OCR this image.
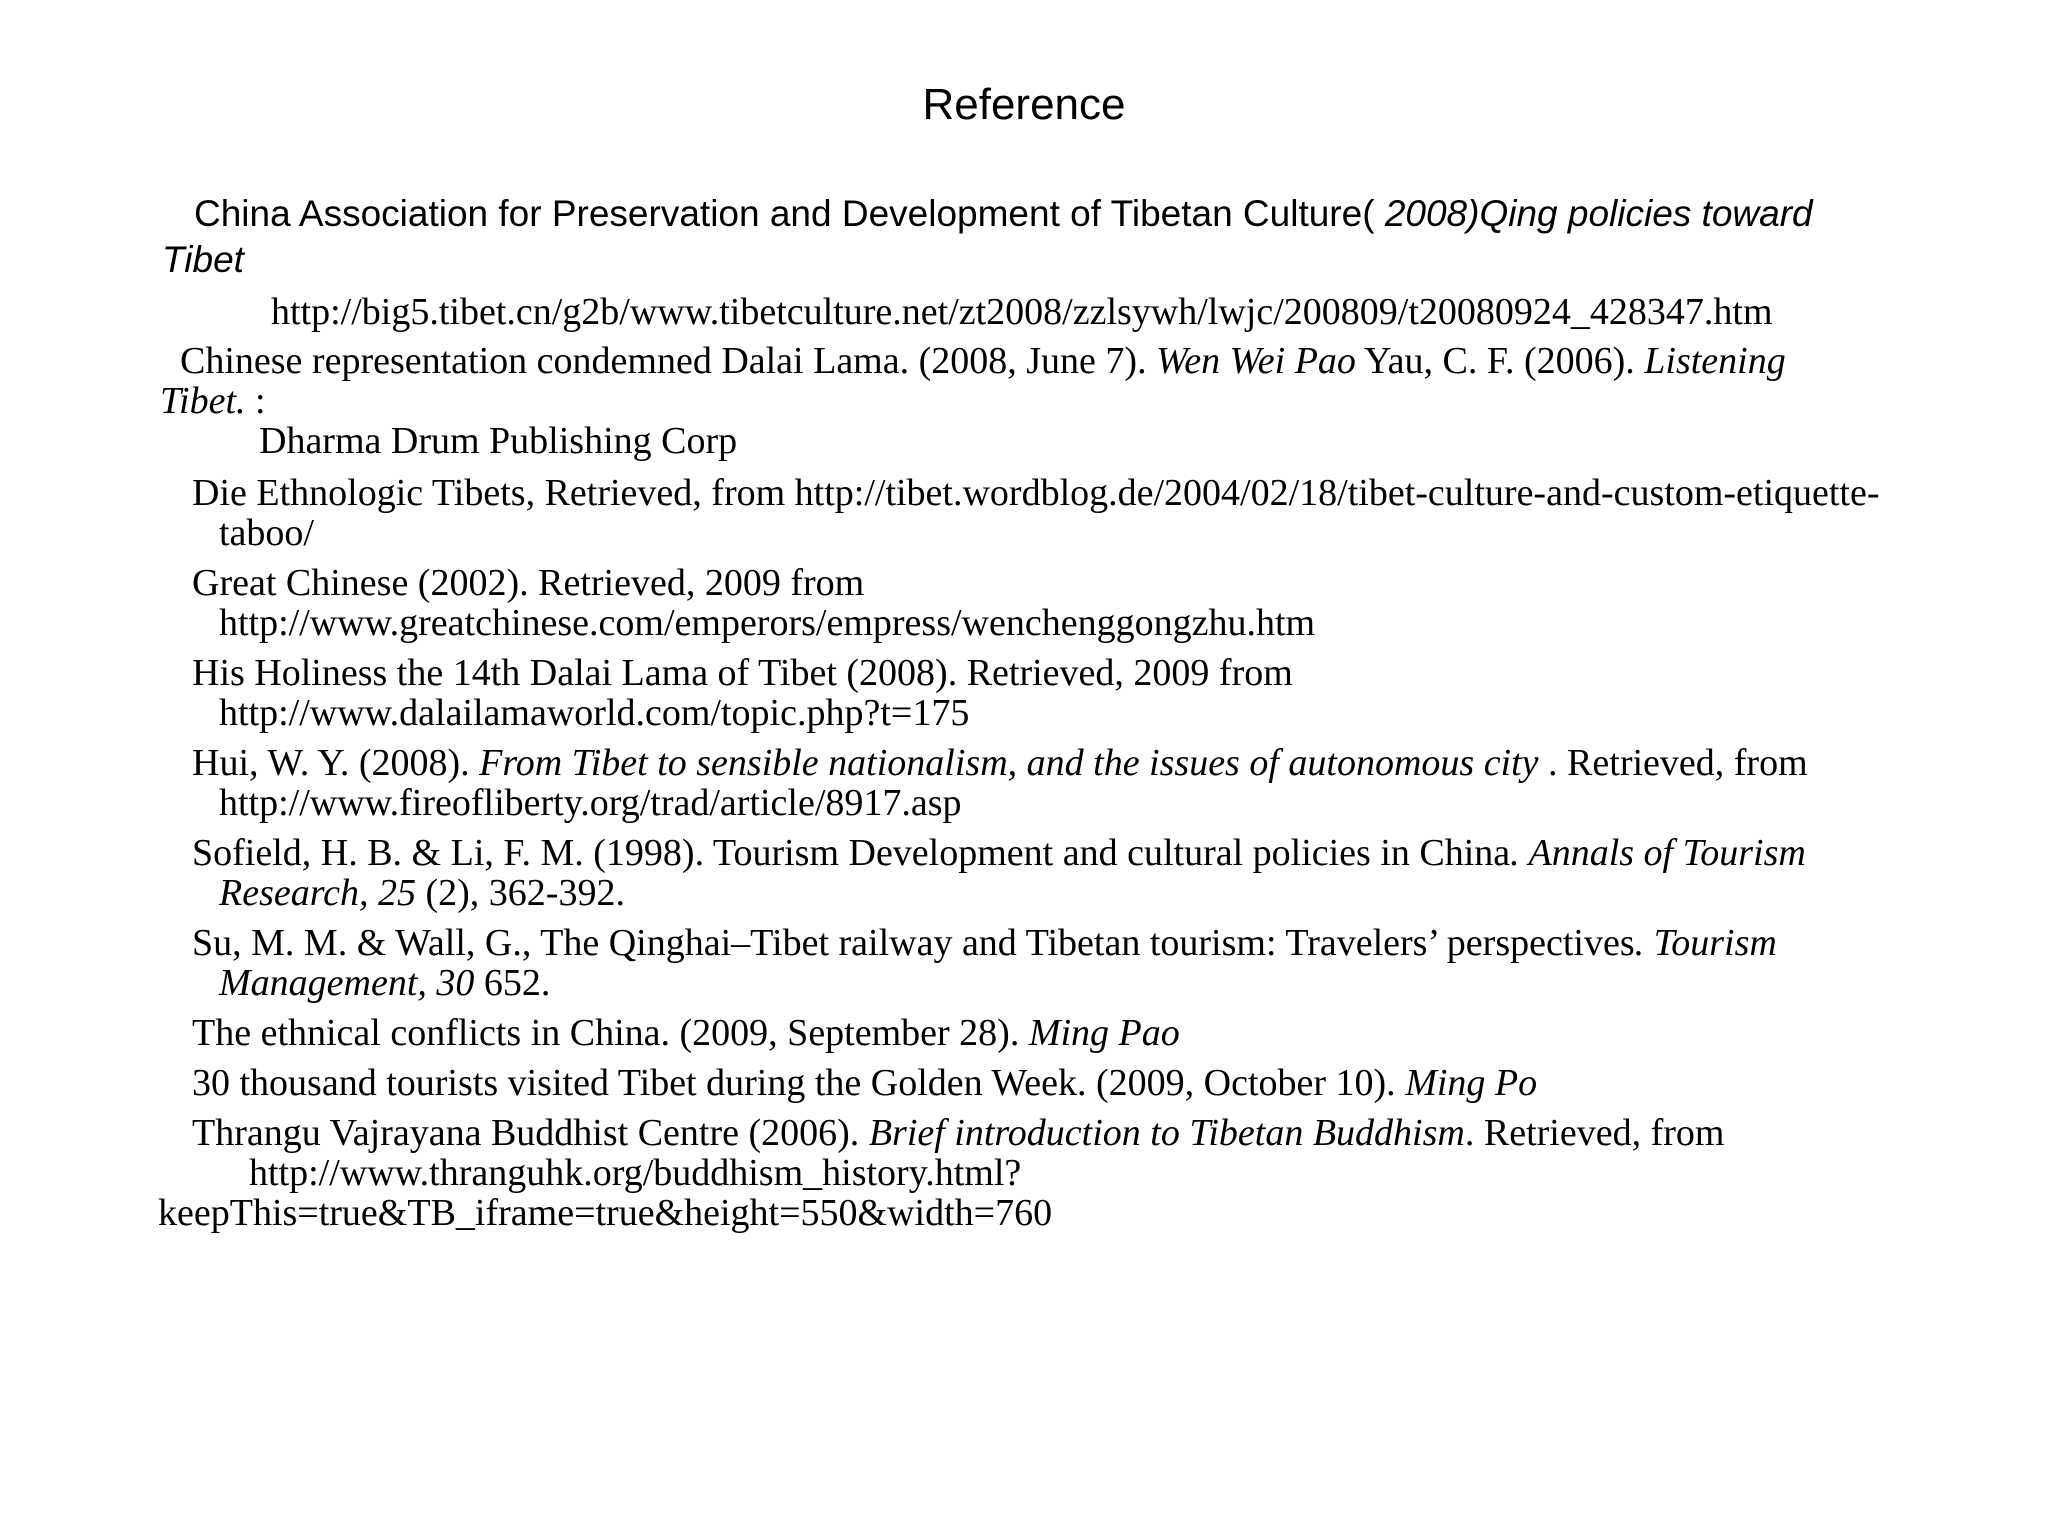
Reference
China Association for Preservation and Development of Tibetan Culture( 2008)Qing policies toward
Tibet
http://big5.tibet.cn/g2b/www.tibetculture.net/zt2008/zzlsywh/lwjc/200809/t20080924_428347.htm
Chinese representation condemned Dalai Lama. (2008, June 7). Wen Wei Pao Yau, C. F. (2006). Listening
Tibet. :
Dharma Drum Publishing Corp
Die Ethnologic Tibets, Retrieved, from http://tibet.wordblog.de/2004/02/18/tibet-culture-and-custom-etiquette-
taboo/
Great Chinese (2002). Retrieved, 2009 from
http://www.greatchinese.com/emperors/empress/wenchenggongzhu.htm
His Holiness the 14th Dalai Lama of Tibet (2008). Retrieved, 2009 from
http://www.dalailamaworld.com/topic.php?t=175
Hui, W. Y. (2008). From Tibet to sensible nationalism, and the issues of autonomous city . Retrieved, from
http://www.fireofliberty.org/trad/article/8917.asp
Sofield, H. B. & Li, F. M. (1998). Tourism Development and cultural policies in China. Annals of Tourism
Research, 25 (2), 362-392.
Su, M. M. & Wall, G., The Qinghai–Tibet railway and Tibetan tourism: Travelers’ perspectives. Tourism
Management, 30 652.
The ethnical conflicts in China. (2009, September 28). Ming Pao
30 thousand tourists visited Tibet during the Golden Week. (2009, October 10). Ming Po
Thrangu Vajrayana Buddhist Centre (2006). Brief introduction to Tibetan Buddhism. Retrieved, from
http://www.thranguhk.org/buddhism_history.html?
keepThis=true&TB_iframe=true&height=550&width=760
